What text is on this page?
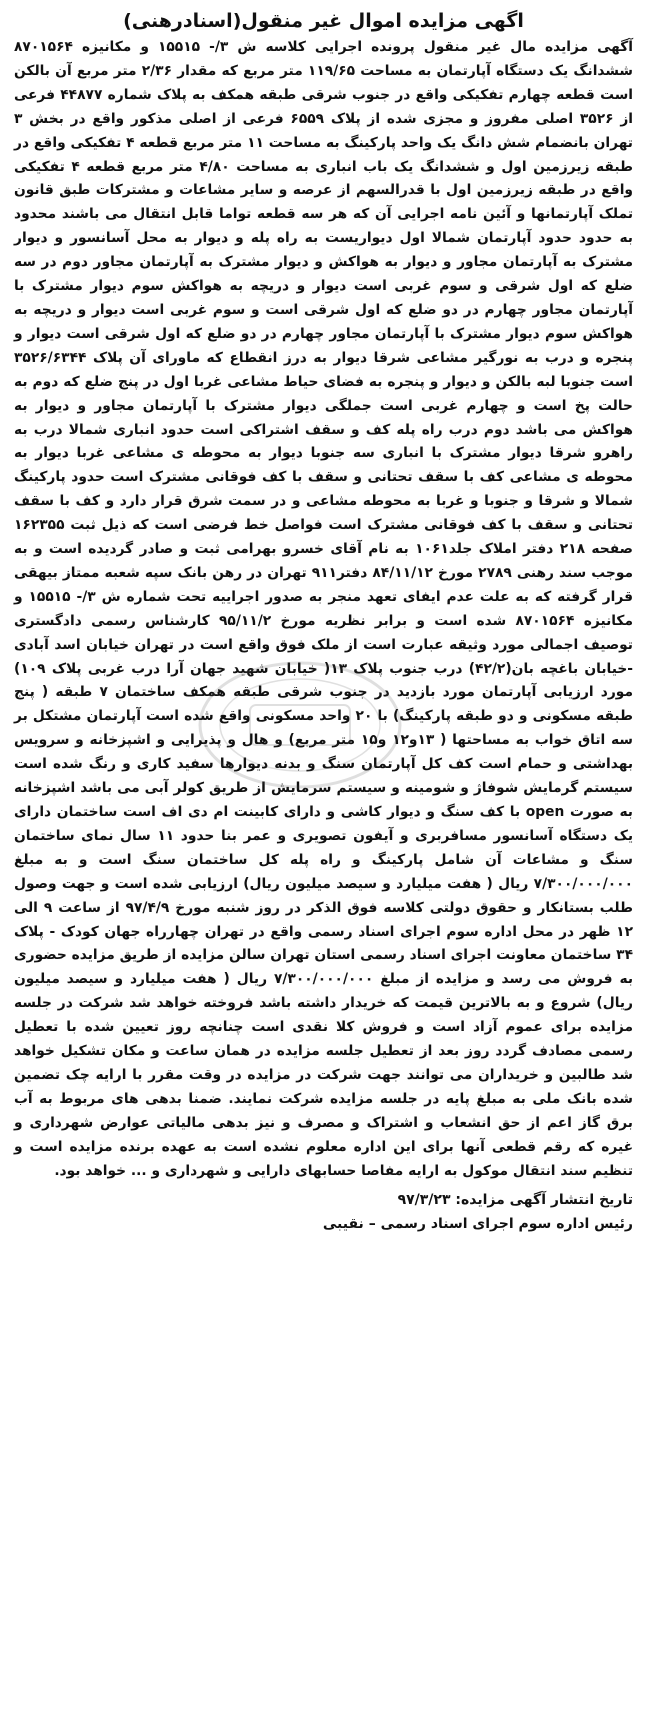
اگهی مزایده اموال غیر منقول(اسنادرهنی)

آگهی مزایده مال غیر منقول پرونده اجرایی کلاسه ش ۳/- ۱۵۵۱۵ و مکانیزه ۸۷۰۱۵۶۴ ششدانگ یک دستگاه آپارتمان به مساحت ۱۱۹/۶۵ متر مربع که مقدار ۲/۳۶ متر مربع آن بالکن است قطعه چهارم تفکیکی واقع در جنوب شرقی طبقه همکف به پلاک شماره ۴۴۸۷۷ فرعی از ۳۵۲۶ اصلی مفروز و مجزی شده از پلاک ۶۵۵۹ فرعی از اصلی مذکور واقع در بخش ۳ تهران بانضمام شش دانگ یک واحد پارکینگ به مساحت ۱۱ متر مربع قطعه ۴ تفکیکی واقع در طبقه زیرزمین اول و ششدانگ یک باب انباری به مساحت ۴/۸۰ متر مربع قطعه ۴ تفکیکی واقع در طبقه زیرزمین اول با قدرالسهم از عرصه و سایر مشاعات و مشترکات طبق قانون تملک آپارتمانها و آئین نامه اجرایی آن که هر سه قطعه تواما قابل انتقال می باشند محدود به حدود حدود آپارتمان شمالا اول دیواریست به راه پله و دیوار به محل آسانسور و دیوار مشترک به آپارتمان مجاور و دیوار به هواکش و دیوار مشترک به آپارتمان مجاور دوم در سه ضلع که اول شرقی و سوم غربی است دیوار و دریچه به هواکش سوم دیوار مشترک با آپارتمان مجاور چهارم در دو ضلع که اول شرقی است و سوم غربی است دیوار و دریچه به هواکش سوم دیوار مشترک با آپارتمان مجاور چهارم در دو ضلع که اول شرقی است دیوار و پنجره و درب به نورگیر مشاعی شرقا دیوار به درز انقطاع که ماورای آن پلاک ۳۵۲۶/۶۳۴۴ است جنوبا لبه بالکن و دیوار و پنجره به فضای حیاط مشاعی غربا اول در پنج ضلع که دوم به حالت پخ است و چهارم غربی است جملگی دیوار مشترک با آپارتمان مجاور و دیوار به هواکش می باشد دوم درب راه پله کف و سقف اشتراکی است حدود انباری شمالا درب به راهرو شرقا دیوار مشترک با انباری سه جنوبا دیوار به محوطه ی مشاعی غربا دیوار به محوطه ی مشاعی کف با سقف تحتانی و سقف با کف فوقانی مشترک است حدود پارکینگ شمالا و شرقا و جنوبا و غربا به محوطه مشاعی و در سمت شرق قرار دارد و کف با سقف تحتانی و سقف با کف فوقانی مشترک است فواصل خط فرضی است که ذیل ثبت ۱۶۲۳۵۵ صفحه ۲۱۸ دفتر املاک جلد۱۰۶۱ به نام آقای خسرو بهرامی ثبت و صادر گردیده است و به موجب سند رهنی ۲۷۸۹ مورخ ۸۴/۱۱/۱۲ دفتر۹۱۱ تهران در رهن بانک سپه شعبه ممتاز بیهقی قرار گرفته که به علت عدم ایفای تعهد منجر به صدور اجراییه تحت شماره ش ۳/- ۱۵۵۱۵ و مکانیزه ۸۷۰۱۵۶۴ شده است و برابر نظریه مورخ ۹۵/۱۱/۲ کارشناس رسمی دادگستری توصیف اجمالی مورد وثیقه عبارت است از ملک فوق واقع است در تهران خیابان اسد آبادی -خیابان باغچه بان(۴۲/۲) درب جنوب پلاک ۱۳( خیابان شهید جهان آرا درب غربی پلاک ۱۰۹) مورد ارزیابی آپارتمان مورد بازدید در جنوب شرقی طبقه همکف ساختمان ۷ طبقه ( پنج طبقه مسکونی و دو طبقه پارکینگ) با ۲۰ واحد مسکونی واقع شده است آپارتمان مشتکل بر سه اتاق خواب به مساحتها ( ۱۳و۱۲ و۱۵ متر مربع) و هال و پذیرایی و اشپزخانه و سرویس بهداشتی و حمام است کف کل آپارتمان سنگ و بدنه دیوارها سفید کاری و رنگ شده است سیستم گرمایش شوفاژ و شومینه و سیستم سرمایش از طریق کولر آبی می باشد اشپزخانه به صورت open با کف سنگ و دیوار کاشی و دارای کابینت ام دی اف است ساختمان دارای یک دستگاه آسانسور مسافربری و آیفون تصویری و عمر بنا حدود ۱۱ سال نمای ساختمان سنگ و مشاعات آن شامل پارکینگ و راه پله کل ساختمان سنگ است و به مبلغ ۷/۳۰۰/۰۰۰/۰۰۰ ریال ( هفت میلیارد و سیصد میلیون ریال) ارزیابی شده است و جهت وصول طلب بستانکار و حقوق دولتی کلاسه فوق الذکر در روز شنبه مورخ ۹۷/۴/۹ از ساعت ۹ الی ۱۲ ظهر در محل اداره سوم اجرای اسناد رسمی واقع در تهران چهارراه جهان کودک - پلاک ۳۴ ساختمان معاونت اجرای اسناد رسمی استان تهران سالن مزایده از طریق مزایده حضوری به فروش می رسد و مزایده از مبلغ ۷/۳۰۰/۰۰۰/۰۰۰ ریال ( هفت میلیارد و سیصد میلیون ریال) شروع و به بالاترین قیمت که خریدار داشته باشد فروخته خواهد شد شرکت در جلسه مزایده برای عموم آزاد است و فروش کلا نقدی است چنانچه روز تعیین شده با تعطیل رسمی مصادف گردد روز بعد از تعطیل جلسه مزایده در همان ساعت و مکان تشکیل خواهد شد طالبین و خریداران می توانند جهت شرکت در مزایده در وقت مقرر با ارایه چک تضمین شده بانک ملی به مبلغ پایه در جلسه مزایده شرکت نمایند. ضمنا بدهی های مربوط به آب برق گاز اعم از حق انشعاب و اشتراک و مصرف و نیز بدهی مالیاتی عوارض شهرداری و غیره که رقم قطعی آنها برای این اداره معلوم نشده است به عهده برنده مزایده است و تنظیم سند انتقال موکول به ارایه مفاصا حسابهای دارایی و شهرداری و ... خواهد بود.

تاریخ انتشار آگهی مزایده: ۹۷/۳/۲۳
رئیس اداره سوم اجرای اسناد رسمی – نقیبی
